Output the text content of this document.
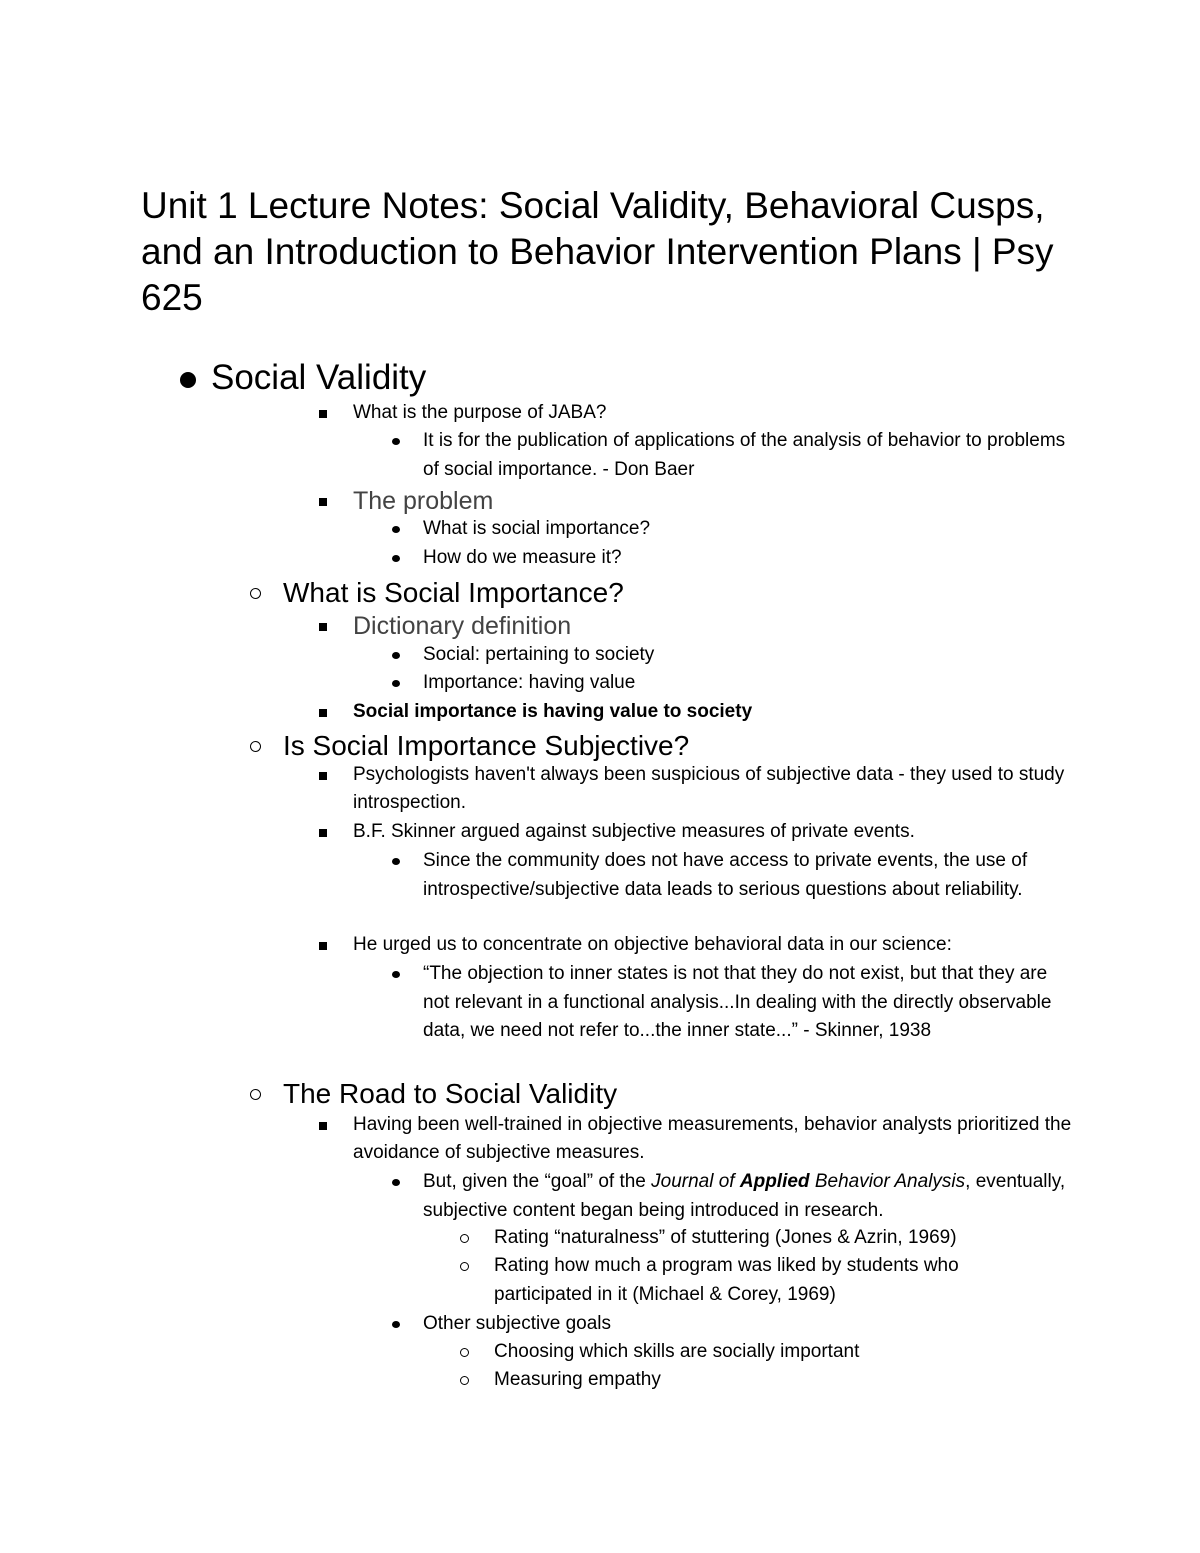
Unit 1 Lecture Notes: Social Validity, Behavioral Cusps, and an Introduction to Behavior Intervention Plans | Psy 625
Social Validity
What is the purpose of JABA?
It is for the publication of applications of the analysis of behavior to problems of social importance. - Don Baer
The problem
What is social importance?
How do we measure it?
What is Social Importance?
Dictionary definition
Social: pertaining to society
Importance: having value
Social importance is having value to society
Is Social Importance Subjective?
Psychologists haven't always been suspicious of subjective data - they used to study introspection.
B.F. Skinner argued against subjective measures of private events.
Since the community does not have access to private events, the use of introspective/subjective data leads to serious questions about reliability.
He urged us to concentrate on objective behavioral data in our science:
“The objection to inner states is not that they do not exist, but that they are not relevant in a functional analysis...In dealing with the directly observable data, we need not refer to...the inner state...” - Skinner, 1938
The Road to Social Validity
Having been well-trained in objective measurements, behavior analysts prioritized the avoidance of subjective measures.
But, given the “goal” of the Journal of Applied Behavior Analysis, eventually, subjective content began being introduced in research.
Rating “naturalness” of stuttering (Jones & Azrin, 1969)
Rating how much a program was liked by students who participated in it (Michael & Corey, 1969)
Other subjective goals
Choosing which skills are socially important
Measuring empathy
